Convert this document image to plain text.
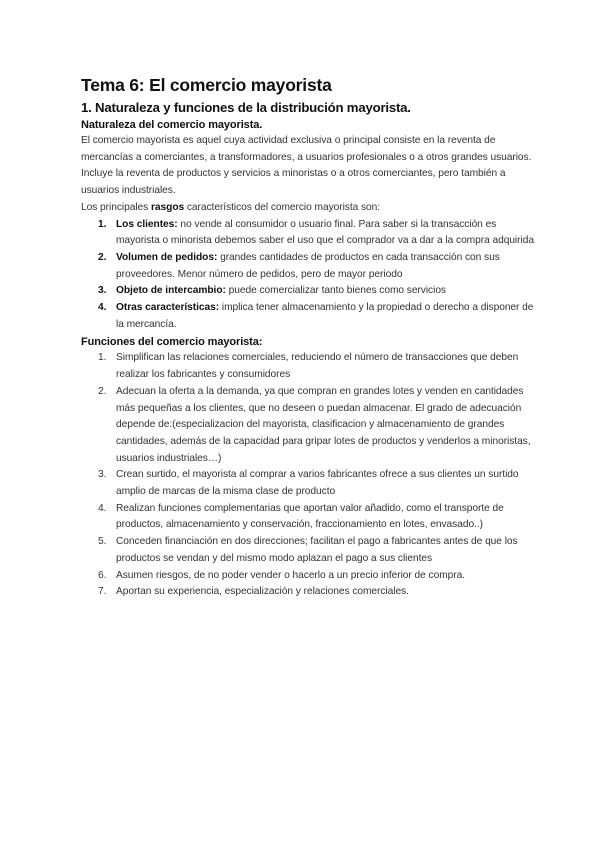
Tema 6: El comercio mayorista
1. Naturaleza y funciones de la distribución mayorista.
Naturaleza del comercio mayorista.

El comercio mayorista es aquel cuya actividad exclusiva o principal consiste en la reventa de mercancías a comerciantes, a transformadores, a usuarios profesionales o a otros grandes usuarios. Incluye la reventa de productos y servicios a minoristas o a otros comerciantes, pero también a usuarios industriales.

Los principales rasgos característicos del comercio mayorista son:

1. Los clientes: no vende al consumidor o usuario final. Para saber si la transacción es mayorista o minorista debemos saber el uso que el comprador va a dar a la compra adquirida
2. Volumen de pedidos: grandes cantidades de productos en cada transacción con sus proveedores. Menor número de pedidos, pero de mayor periodo
3. Objeto de intercambio: puede comercializar tanto bienes como servicios
4. Otras características: implica tener almacenamiento y la propiedad o derecho a disponer de la mercancía.
Funciones del comercio mayorista:
1. Simplifican las relaciones comerciales, reduciendo el número de transacciones que deben realizar los fabricantes y consumidores
2. Adecuan la oferta a la demanda, ya que compran en grandes lotes y venden en cantidades más pequeñas a los clientes, que no deseen o puedan almacenar. El grado de adecuación depende de:(especializacion del mayorista, clasificacion y almacenamiento de grandes cantidades, además de la capacidad para gripar lotes de productos y venderlos a minoristas, usuarios industriales…)
3. Crean surtido, el mayorista al comprar a varios fabricantes ofrece a sus clientes un surtido amplio de marcas de la misma clase de producto
4. Realizan funciones complementarias que aportan valor añadido, como el transporte de productos, almacenamiento y conservación, fraccionamiento en lotes, envasado..)
5. Conceden financiación en dos direcciones; facilitan el pago a fabricantes antes de que los productos se vendan y del mismo modo aplazan el pago a sus clientes
6. Asumen riesgos, de no poder vender o hacerlo a un precio inferior de compra.
7. Aportan su experiencia, especialización y relaciones comerciales.
